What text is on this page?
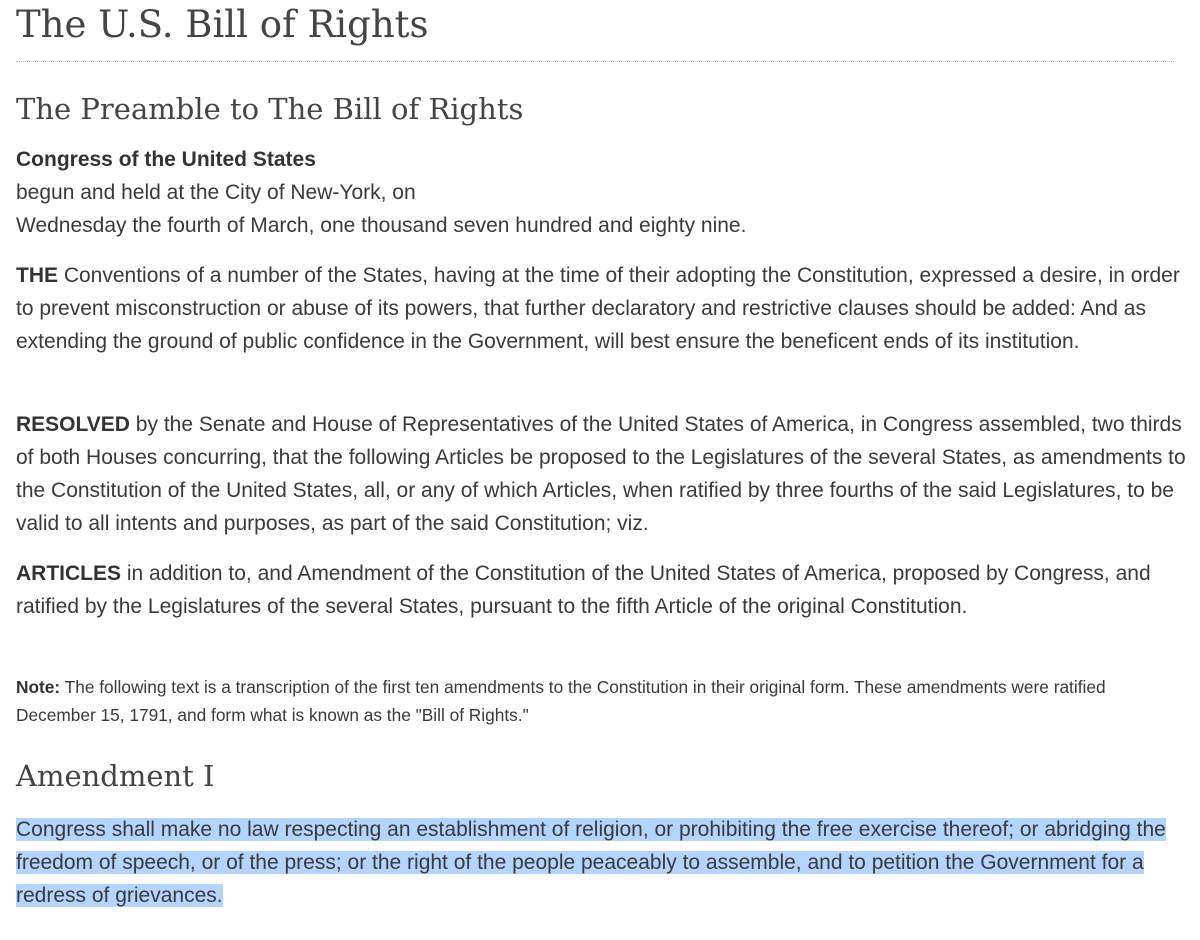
The U.S. Bill of Rights
The Preamble to The Bill of Rights

Congress of the United States
begun and held at the City of New-York, on
Wednesday the fourth of March, one thousand seven hundred and eighty nine.

THE Conventions of a number of the States, having at the time of their adopting the Constitution, expressed a desire, in order to prevent misconstruction or abuse of its powers, that further declaratory and restrictive clauses should be added: And as extending the ground of public confidence in the Government, will best ensure the beneficent ends of its institution.

RESOLVED by the Senate and House of Representatives of the United States of America, in Congress assembled, two thirds of both Houses concurring, that the following Articles be proposed to the Legislatures of the several States, as amendments to the Constitution of the United States, all, or any of which Articles, when ratified by three fourths of the said Legislatures, to be valid to all intents and purposes, as part of the said Constitution; viz.

ARTICLES in addition to, and Amendment of the Constitution of the United States of America, proposed by Congress, and ratified by the Legislatures of the several States, pursuant to the fifth Article of the original Constitution.

Note: The following text is a transcription of the first ten amendments to the Constitution in their original form. These amendments were ratified December 15, 1791, and form what is known as the "Bill of Rights."

Amendment I

Congress shall make no law respecting an establishment of religion, or prohibiting the free exercise thereof; or abridging the freedom of speech, or of the press; or the right of the people peaceably to assemble, and to petition the Government for a redress of grievances.
